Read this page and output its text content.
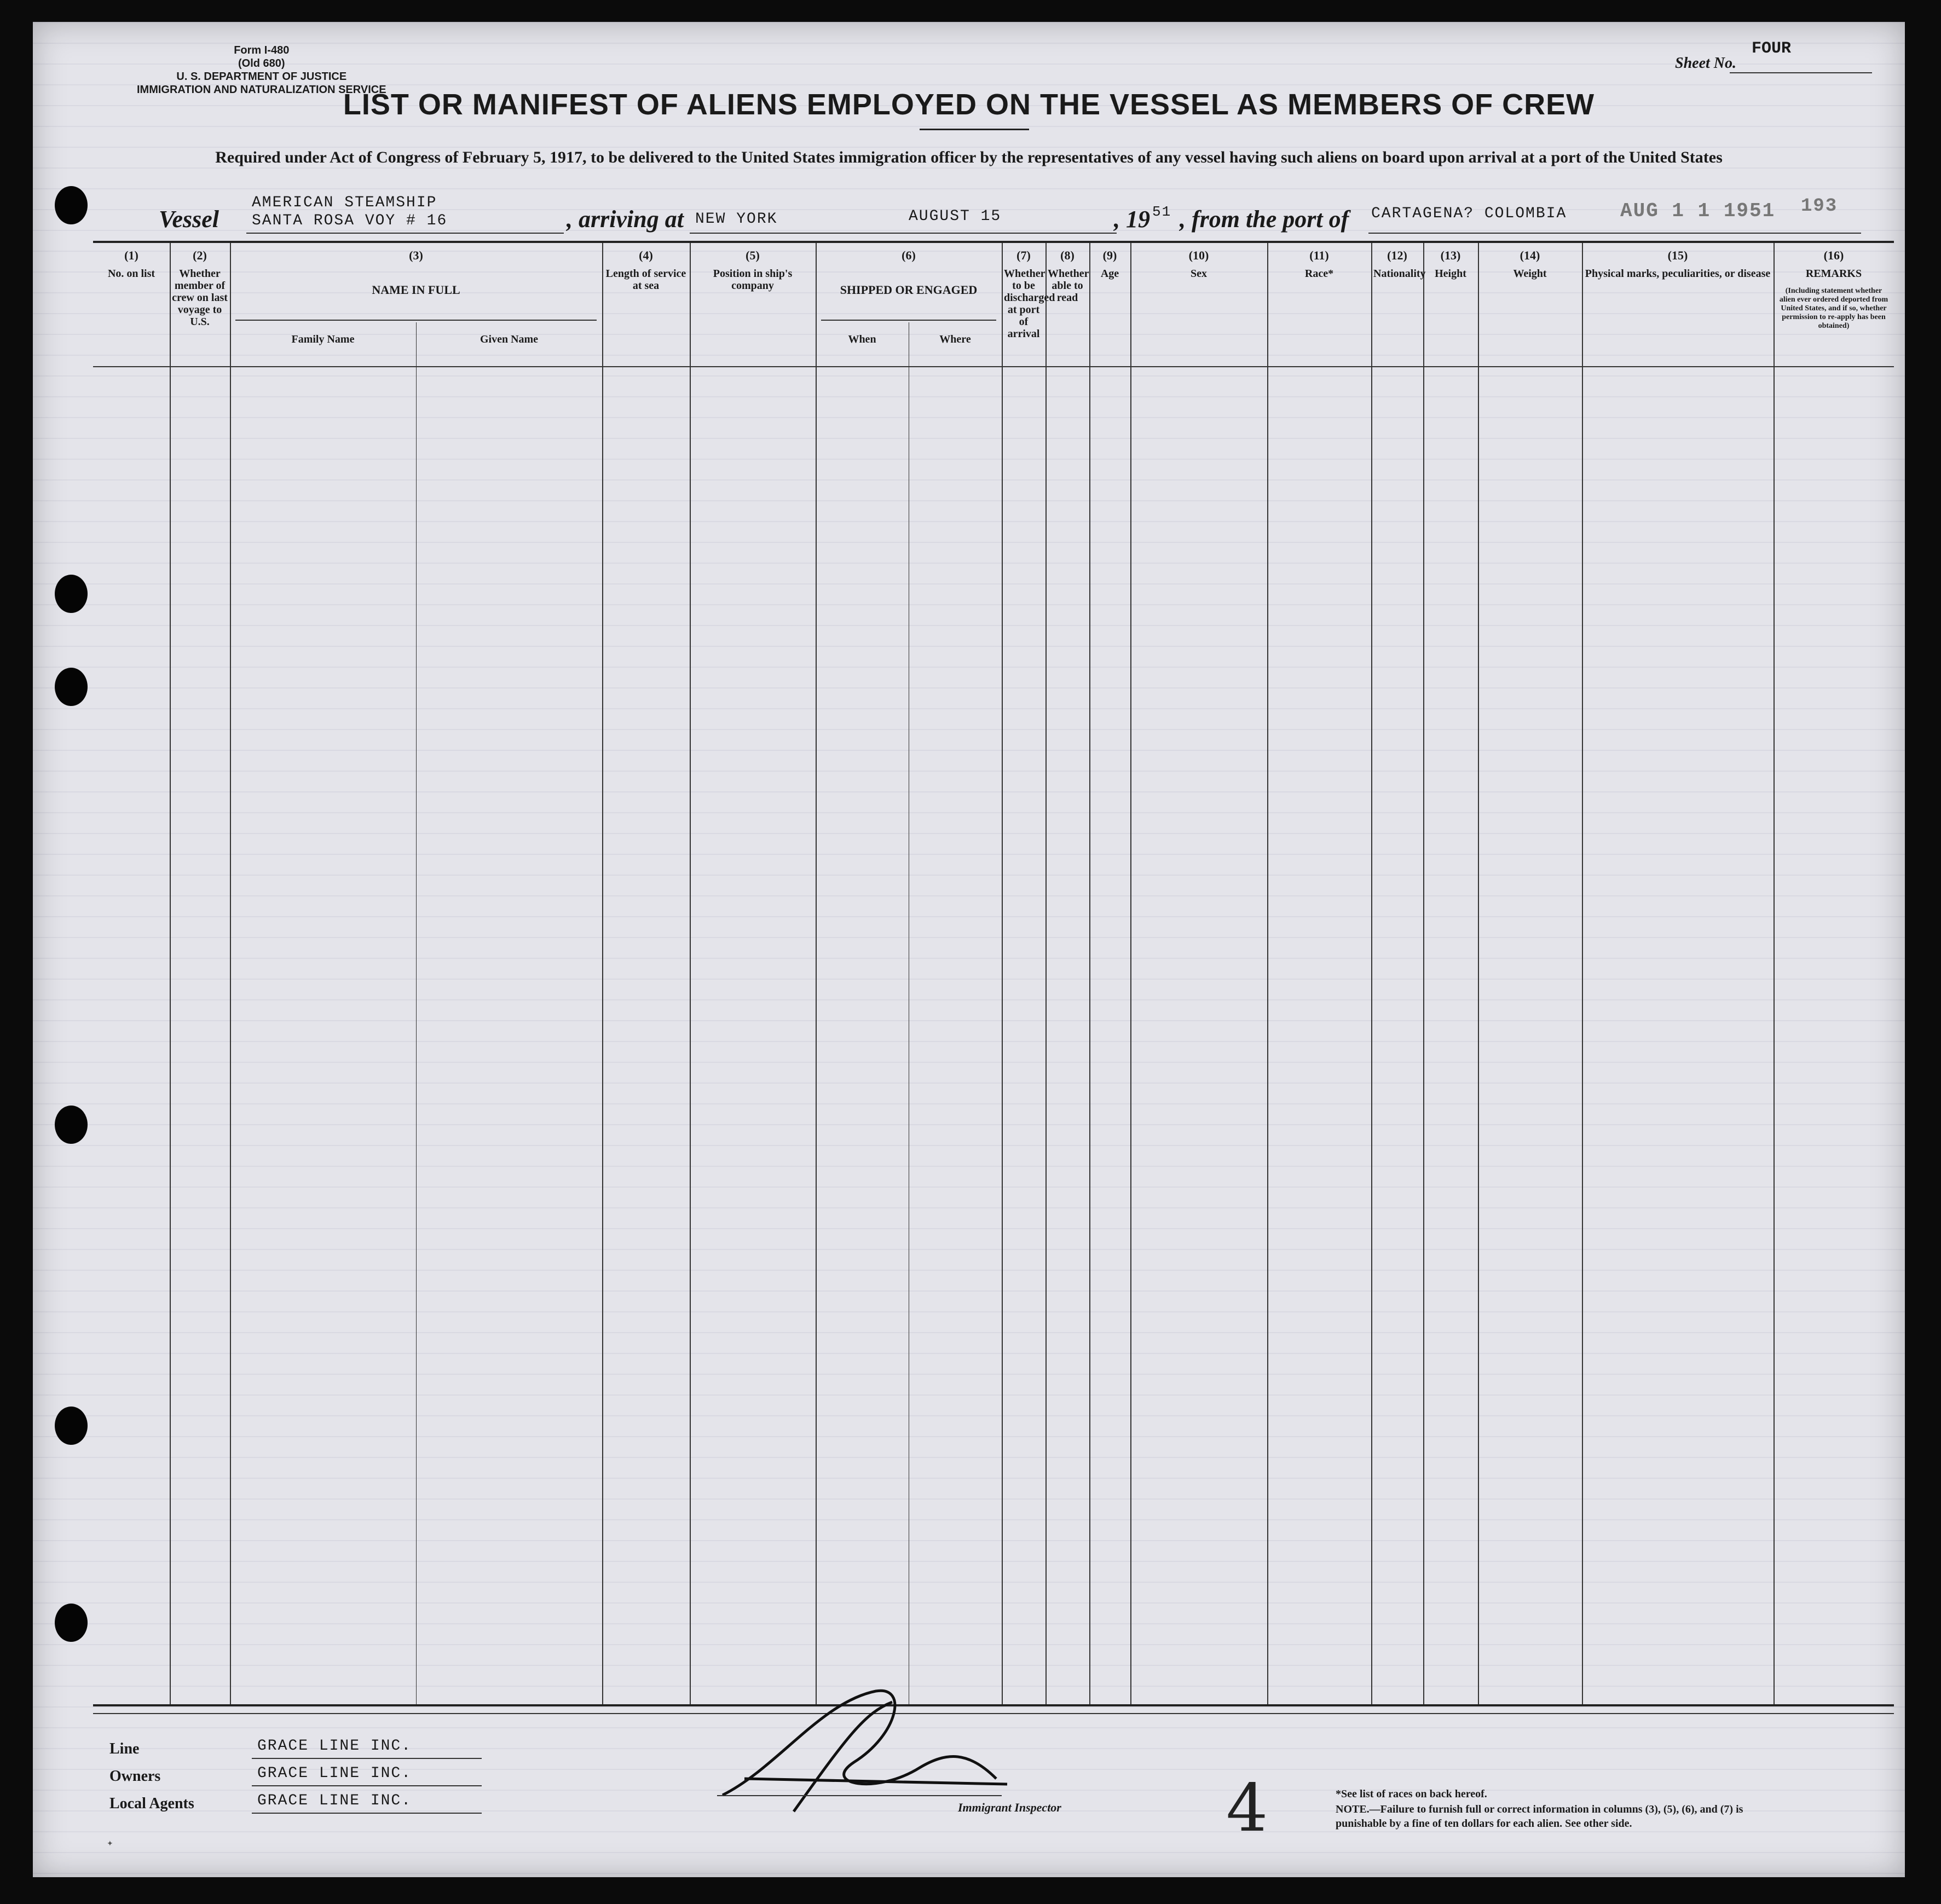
Form I-480
(Old 680)
U. S. DEPARTMENT OF JUSTICE
IMMIGRATION AND NATURALIZATION SERVICE
Sheet No.
FOUR
LIST OR MANIFEST OF ALIENS EMPLOYED ON THE VESSEL AS MEMBERS OF CREW
Required under Act of Congress of February 5, 1917, to be delivered to the United States immigration officer by the representatives of any vessel having such aliens on board upon arrival at a port of the United States
Vessel
AMERICAN STEAMSHIP
SANTA ROSA VOY # 16	, arriving at NEW YORK	AUGUST 15	, 19 51 , from the port of CARTAGENA? COLOMBIA	AUG 1 1 1951 193
(1)
No. on list
(2)
Whether member of crew on last voyage to U.S.
(3)
NAME IN FULL
Family Name	Given Name
(4)
Length of service at sea
(5)
Position in ship's company
(6)
SHIPPED OR ENGAGED
When	Where
(7)
Whether to be discharged at port of arrival
(8)
Whether able to read
(9)
Age
(10)
Sex
(11)
Race*
(12)
Nationality
(13)
Height
(14)
Weight
(15)
Physical marks, peculiarities, or disease
(16)
REMARKS
(Including statement whether alien ever ordered deported from United States, and if so, whether permission to re-apply has been obtained)
Line	GRACE LINE INC.
Owners	GRACE LINE INC.
Local Agents	GRACE LINE INC.	Immigrant Inspector	4	*See list of races on back hereof.
NOTE.—Failure to furnish full or correct information in columns (3), (5), (6), and (7) is punishable by a fine of ten dollars for each alien. See other side.
✦
